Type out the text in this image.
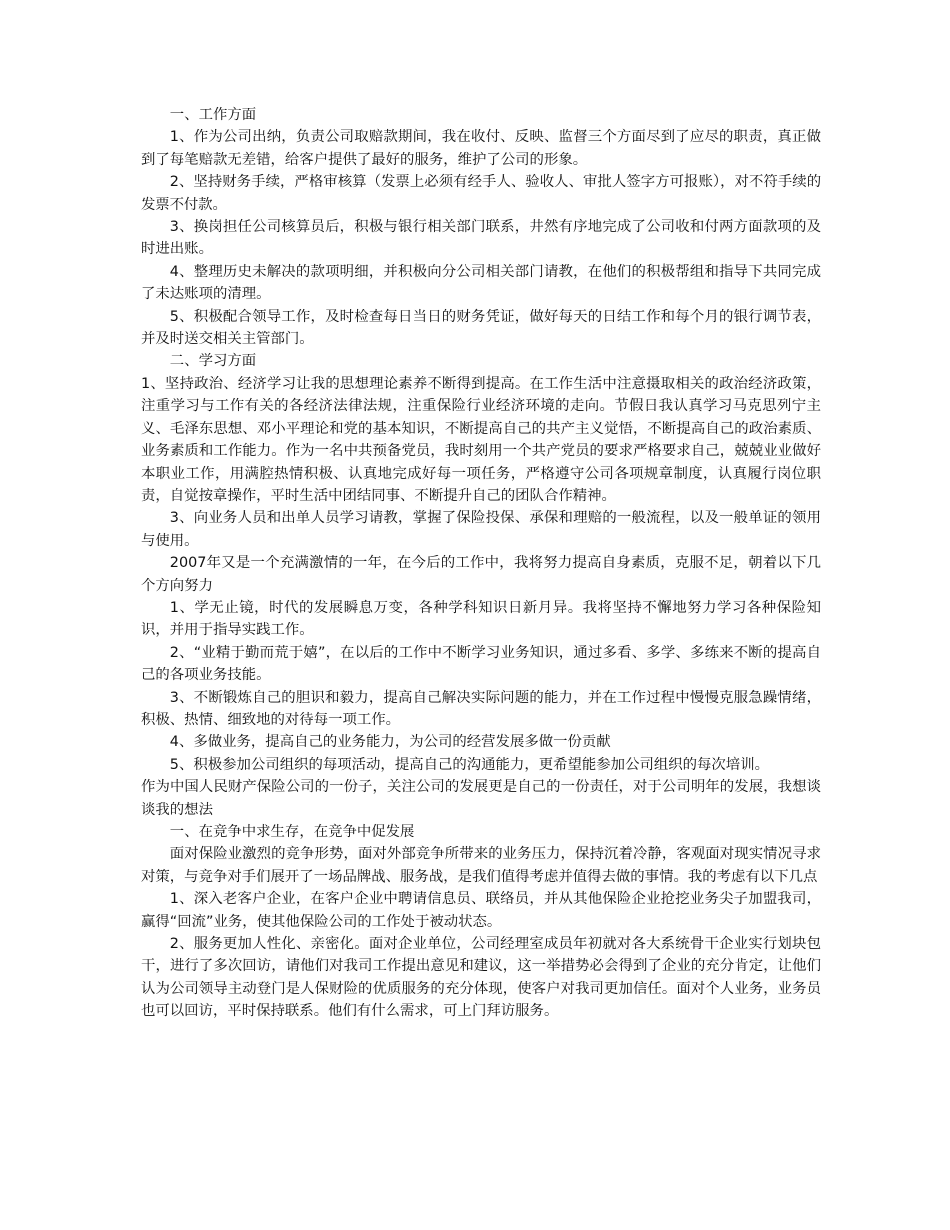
一、工作方面

1、作为公司出纳，负责公司取赔款期间，我在收付、反映、监督三个方面尽到了应尽的职责，真正做到了每笔赔款无差错，给客户提供了最好的服务，维护了公司的形象。

2、坚持财务手续，严格审核算（发票上必须有经手人、验收人、审批人签字方可报账），对不符手续的发票不付款。

3、换岗担任公司核算员后，积极与银行相关部门联系，井然有序地完成了公司收和付两方面款项的及时进出账。

4、整理历史未解决的款项明细，并积极向分公司相关部门请教，在他们的积极帮组和指导下共同完成了未达账项的清理。

5、积极配合领导工作，及时检查每日当日的财务凭证，做好每天的日结工作和每个月的银行调节表，并及时送交相关主管部门。

二、学习方面

1、坚持政治、经济学习让我的思想理论素养不断得到提高。在工作生活中注意摄取相关的政治经济政策，注重学习与工作有关的各经济法律法规，注重保险行业经济环境的走向。节假日我认真学习马克思列宁主义、毛泽东思想、邓小平理论和党的基本知识，不断提高自己的共产主义觉悟，不断提高自己的政治素质、业务素质和工作能力。作为一名中共预备党员，我时刻用一个共产党员的要求严格要求自己，兢兢业业做好本职业工作，用满腔热情积极、认真地完成好每一项任务，严格遵守公司各项规章制度，认真履行岗位职责，自觉按章操作，平时生活中团结同事、不断提升自己的团队合作精神。

3、向业务人员和出单人员学习请教，掌握了保险投保、承保和理赔的一般流程，以及一般单证的领用与使用。

2007年又是一个充满激情的一年，在今后的工作中，我将努力提高自身素质，克服不足，朝着以下几个方向努力

1、学无止镜，时代的发展瞬息万变，各种学科知识日新月异。我将坚持不懈地努力学习各种保险知识，并用于指导实践工作。

2、“业精于勤而荒于嬉”，在以后的工作中不断学习业务知识，通过多看、多学、多练来不断的提高自己的各项业务技能。

3、不断锻炼自己的胆识和毅力，提高自己解决实际问题的能力，并在工作过程中慢慢克服急躁情绪，积极、热情、细致地的对待每一项工作。

4、多做业务，提高自己的业务能力，为公司的经营发展多做一份贡献

5、积极参加公司组织的每项活动，提高自己的沟通能力，更希望能参加公司组织的每次培训。

作为中国人民财产保险公司的一份子，关注公司的发展更是自己的一份责任，对于公司明年的发展，我想谈谈我的想法

一、在竞争中求生存，在竞争中促发展

面对保险业激烈的竞争形势，面对外部竞争所带来的业务压力，保持沉着冷静，客观面对现实情况寻求对策，与竞争对手们展开了一场品牌战、服务战，是我们值得考虑并值得去做的事情。我的考虑有以下几点

1、深入老客户企业，在客户企业中聘请信息员、联络员，并从其他保险企业抢挖业务尖子加盟我司，赢得“回流”业务，使其他保险公司的工作处于被动状态。

2、服务更加人性化、亲密化。面对企业单位，公司经理室成员年初就对各大系统骨干企业实行划块包干，进行了多次回访，请他们对我司工作提出意见和建议，这一举措势必会得到了企业的充分肯定，让他们认为公司领导主动登门是人保财险的优质服务的充分体现，使客户对我司更加信任。面对个人业务，业务员也可以回访，平时保持联系。他们有什么需求，可上门拜访服务。
